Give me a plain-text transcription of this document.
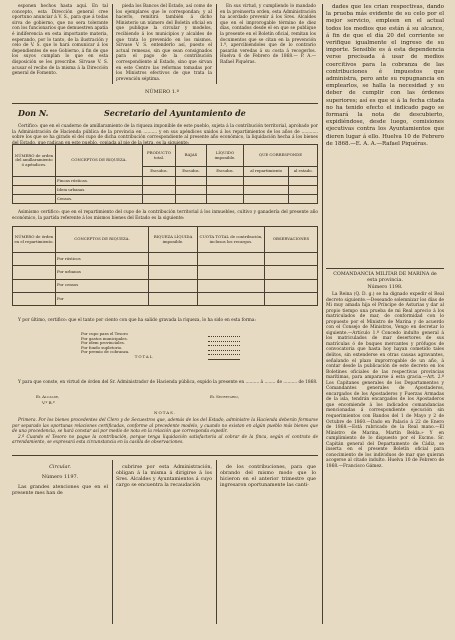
esponen hechos hasta aquí. En tal concepto, esta Dirección general cree oportuno anunciar á V. S., para que á todas sirva de gobierno, que no sera tolerante con los funcionarios que demuestren apatía é indiferencia en esta importante materia, esperando, por lo tanto, de la ilustración y celo de V. S. que lo hará comunicar á los dependientes de ese Gobierno, á fin de que los suyos cumplan lo que en esta disposición se les prescribe. Sírvase V. S. acusar el recibo de la misma á la Dirección general de Fomento.

pieda los Bancos del Estado, así como de los ejemplares que le correspondan; y al hacerlo, remitirá también á dicho Ministerio un número del Boletín oficial en que publique la circular y modelos, recibiendo á los municipios y alcaldes de que trata lo prevenido en los mismos. Sírvase V. S. entenderlo así, puesto el actual remesas, sin que sean consignados para el pago de la contribución correspondiente al Estado, sino que sirvan en este Centro las reformas tomadas por los Ministros efectivos de que trata la prevención séptima.

En sus virtud, y cumpliendo lo mandado en la preinserta orden, esta Administración ha acordado prevenir á los Sres. Alcaldes que en el improrogable término de diez días, contados desde el en que se publique la presente en el Boletín oficial, remitan los documentos que se citan en la prevención 1.ª, apercibiéndoles que de lo contrario pasarán veredas á su costa á recogerlos. Huelva 6 de Febrero de 1868.— P. A.—Rafael Piquéras.

NÚMERO 1.º

dades que les crian respectivas, dando la prueba más evidente de su celo por el mejor servicio, empleen en el actual todos los medios que están á su alcance, á fin de que el día 20 del corriente se verifique igualmente el ingreso de su importe. Sensible es á esta dependencia verse precisada á usar de medios coercitivos para la cobranza de las contribuciones é impuestos que administra, pero ante su repugnancia en emplearlos, se halla la necesidad y su deber de cumplir con las órdenes superiores; así es que si á la fecha citada no ha tenido efecto el indicado pago se formará la nota de descubierto, expidiéndose, desde luego, comisiones ejecutivas contra los Ayuntamientos que dieren lugar á ello. Huelva 10 de Febrero de 1868.—E. A. A.—Rafael Piquéras.

Don N.	Secretario del Ayuntamiento de

Certifico: que en el cuaderno de amillaramiento de la riqueza imponible de este pueblo, sujeta á la contribución territorial, aprobado por la Administración de Hacienda pública de la provincia en .......... y en sus apéndices unidos á los repartimientos de los años de ............ sobre los que se ha girado el del cupo de dicha contribución correspondiente al presente año económico, la liquidación hecha á los bienes del Estado, que radican en este pueblo, copiada al pie de la letra, es la siguiente:

NÚMERO de orden del amillaramiento ó apéndices.	CONCEPTOS DE RIQUEZA.	PRODUCTO total.	BAJAS	LÍQUIDO imponible.	QUE CORRESPONDE	
		Escudos.	Escudos.	Escudos.	al repartimiento	al estado.
	Fincas rústicas.					
	Idem urbanas.					
	Censos.					

Asimismo certifico: que en el repartimiento del cupo de la contribución territorial á los inmuebles, cultivo y ganadería del presente año económico, la partida referente á los mismos bienes del Estado es la siguiente:

NÚMERO de órden en el repartimiento.	CONCEPTOS DE RIQUEZA.	RIQUEZA LÍQUIDA imponible.	CUOTA TOTAL de contribución, inclusos los recargos.	OBSERVACIONES
	Por rústicos			
	Por urbanos			
	Por censos			
	Por			

Y por último, certifico: que el tanto por ciento con que ha salido gravada la riqueza, lo ha sido en esta forma:

Por cupo para el Tesoro	
Por gastos municipales.	
Por idem provinciales.	
Por fondo supletorio.	
Por premio de cobranza.	
TOTAL	

Y para que conste, en virtud de órden del Sr. Administrador de Hacienda pública, expido la presente en .......... á ........ de .......... de 1868.

El Alcalde,
V.º B.º
El Secretario,
NOTAS.

Primera. Por los bienes procedentes del Clero y de Secuestros que, además de los del Estado, administre la Hacienda deberán formarse por separado las oportunas relaciones certificadas, conforme al precedente modelo, y cuando no existan en algún pueblo más bienes que de una procedencia, se hará constar así por medio de nota en la relación que corresponda expedir.

2.ª Cuando el Tesoro no pague la contribución, porque tenga liquidación satisfactoria al cobrar de la finca, según el contrato de arrendamiento, se expresará esta circunstancia en la casilla de observaciones.

COMANDANCIA MILITAR DE MARINA de esta provincia.
Número 1198.

La Reina (Q. D. g.) se ha dignado expedir el Real decreto siguiente.—Deseando solemnizar los días de Mi muy amada hija el Príncipe de Asturias y dar al propio tiempo una prueba de mi Real aprecio á los matriculados de mar, de conformidad con lo propuesto por el Ministro de Marina y de acuerdo con el Consejo de Ministros, Vengo en decretar lo siguiente.—Artículo 1.º Concedo indulto general á los matriculados de mar desertores de sus matrículas ó de buques mercantes y prófugos de convocatoria que hasta hoy hayan cometido tales delitos, sin extenderse en otras causas agravantes, señalando el plazo improrrogable de un año, á contar desde la publicación de este decreto en los Boletines oficiales de las respectivas provincias marítimas, para ampararse á esta gracia.—Art. 2.º Los Capitanes generales de los Departamentos y Comandantes generales de Apostaderos, encargados de los Apostaderos y Fuerzas Armadas de la isla, tendrán encargados de los Apostaderos que encomiende á los indicados comandancias mencionadas á correspondiente ejecución sin requerimientos con Bandos del 1 de Mayo y 2 de Octubre de 1860.—Dado en Palacio á 22 de Enero de 1868.—Está rubricado de la Real mano.—El Ministro de Marina, Martín Belda.» Y en cumplimiento de lo dispuesto por el Excmo. Sr. Capitán general del Departamento de Cádiz, se inserta en el presente Boletín oficial para conocimiento de los individuos de mar que quieran acogerse al citado indulto. Huelva 10 de Febrero de 1868.—Francisco Gámez.

Circular.
Número 1197.

Las grandes atenciones que en el presente mes han de

cubrirse por esta Administración, obligan á la misma á dirigirse á los Sres. Alcaldes y Ayuntamientos á cuyo cargo se encuentra la recaudación

de los contribuciones, para que obrando del mismo modo que lo hicieron en el anterior trimestre que ingresaron oportunamente las canti-
